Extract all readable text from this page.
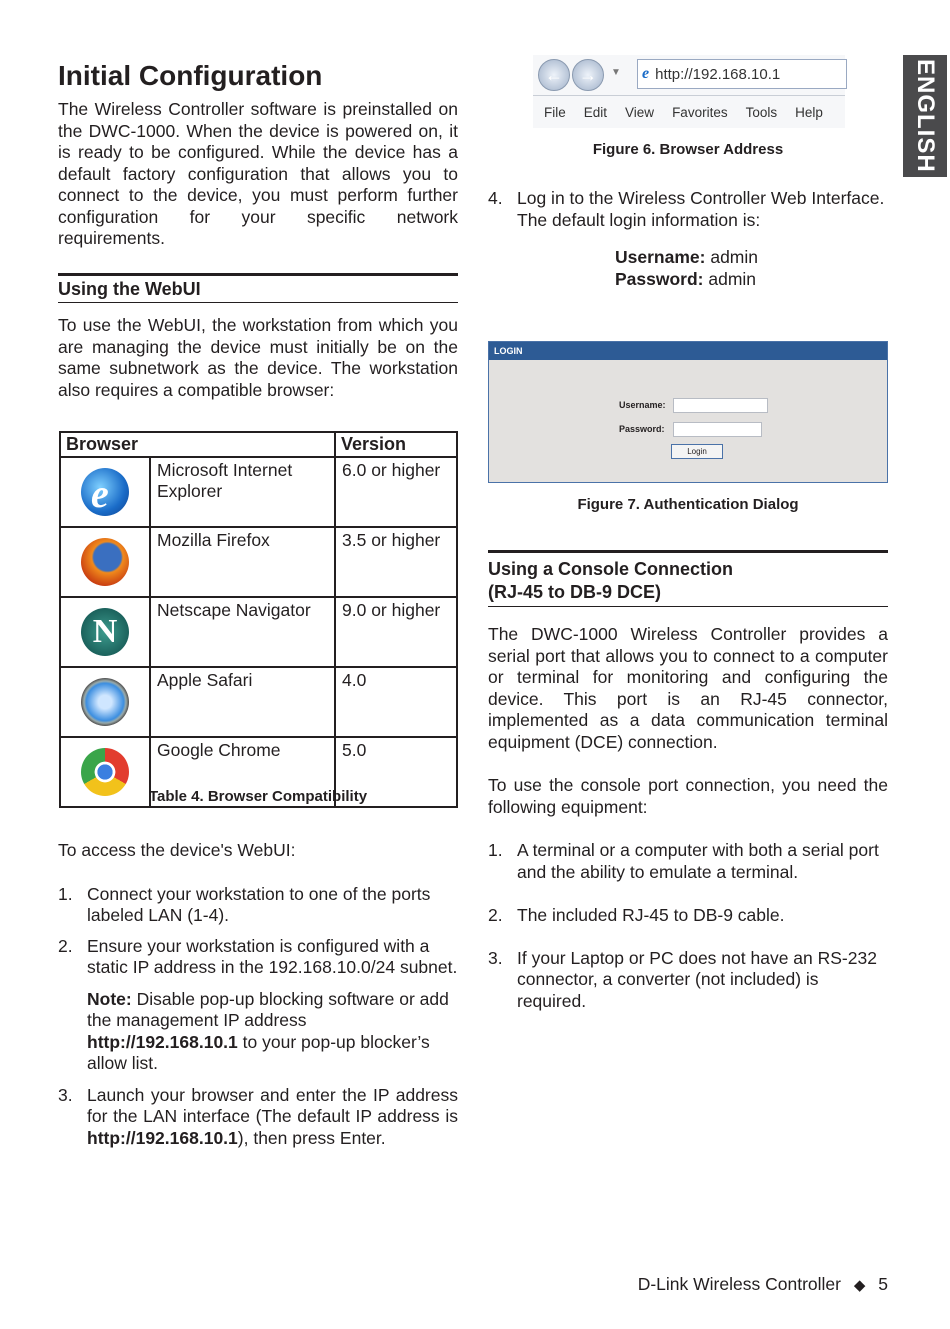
Initial Configuration
The Wireless Controller software is preinstalled on the DWC-1000. When the device is powered on, it is ready to be configured. While the device has a default factory configuration that allows you to connect to the device, you must perform further configuration for your specific network requirements.
Using the WebUI
To use the WebUI, the workstation from which you are managing the device must initially be on the same subnetwork as the device. The workstation also requires a compatible browser:
Browser		Version

e	Microsoft Internet Explorer	6.0 or higher

	Mozilla Firefox	3.5 or higher

N	Netscape Navigator	9.0 or higher

	Apple Safari	4.0

	Google Chrome	5.0
Table 4. Browser Compatibility
To access the device's WebUI:
1. Connect your workstation to one of the ports labeled LAN (1-4).
2. Ensure your workstation is configured with a static IP address in the 192.168.10.0/24 subnet.
Note: Disable pop-up blocking software or add the management IP address http://192.168.10.1 to your pop-up blocker’s allow list.
3. Launch your browser and enter the IP address for the LAN interface (The default IP address is http://192.168.10.1), then press Enter.
← →	▼ e http://192.168.10.1
File Edit View Favorites Tools Help
Figure 6. Browser Address
4. Log in to the Wireless Controller Web Interface. The default login information is:
Username: admin
Password: admin
LOGIN
Username:
Password:
Login
Figure 7. Authentication Dialog
Using a Console Connection
(RJ-45 to DB-9 DCE)
The DWC-1000 Wireless Controller provides a serial port that allows you to connect to a computer or terminal for monitoring and configuring the device. This port is an RJ-45 connector, implemented as a data communication terminal equipment (DCE) connection.
To use the console port connection, you need the following equipment:
1. A terminal or a computer with both a serial port and the ability to emulate a terminal.
2. The included RJ-45 to DB-9 cable.
3. If your Laptop or PC does not have an RS-232 connector, a converter (not included) is required.
D-Link Wireless Controller ◆ 5
ENGLISH
